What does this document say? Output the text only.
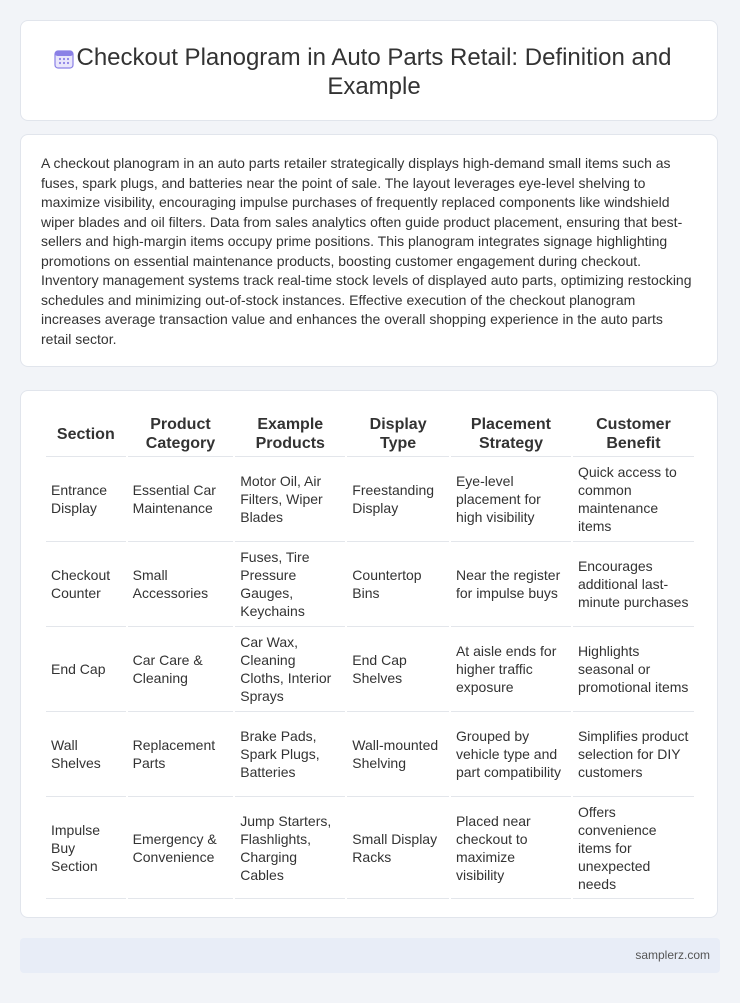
Checkout Planogram in Auto Parts Retail: Definition and Example

A checkout planogram in an auto parts retailer strategically displays high-demand small items such as fuses, spark plugs, and batteries near the point of sale. The layout leverages eye-level shelving to maximize visibility, encouraging impulse purchases of frequently replaced components like windshield wiper blades and oil filters. Data from sales analytics often guide product placement, ensuring that best-sellers and high-margin items occupy prime positions. This planogram integrates signage highlighting promotions on essential maintenance products, boosting customer engagement during checkout. Inventory management systems track real-time stock levels of displayed auto parts, optimizing restocking schedules and minimizing out-of-stock instances. Effective execution of the checkout planogram increases average transaction value and enhances the overall shopping experience in the auto parts retail sector.

Section	Product Category	Example Products	Display Type	Placement Strategy	Customer Benefit
Entrance Display	Essential Car Maintenance	Motor Oil, Air Filters, Wiper Blades	Freestanding Display	Eye-level placement for high visibility	Quick access to common maintenance items
Checkout Counter	Small Accessories	Fuses, Tire Pressure Gauges, Keychains	Countertop Bins	Near the register for impulse buys	Encourages additional last-minute purchases
End Cap	Car Care & Cleaning	Car Wax, Cleaning Cloths, Interior Sprays	End Cap Shelves	At aisle ends for higher traffic exposure	Highlights seasonal or promotional items
Wall Shelves	Replacement Parts	Brake Pads, Spark Plugs, Batteries	Wall-mounted Shelving	Grouped by vehicle type and part compatibility	Simplifies product selection for DIY customers
Impulse Buy Section	Emergency & Convenience	Jump Starters, Flashlights, Charging Cables	Small Display Racks	Placed near checkout to maximize visibility	Offers convenience items for unexpected needs
samplerz.com
